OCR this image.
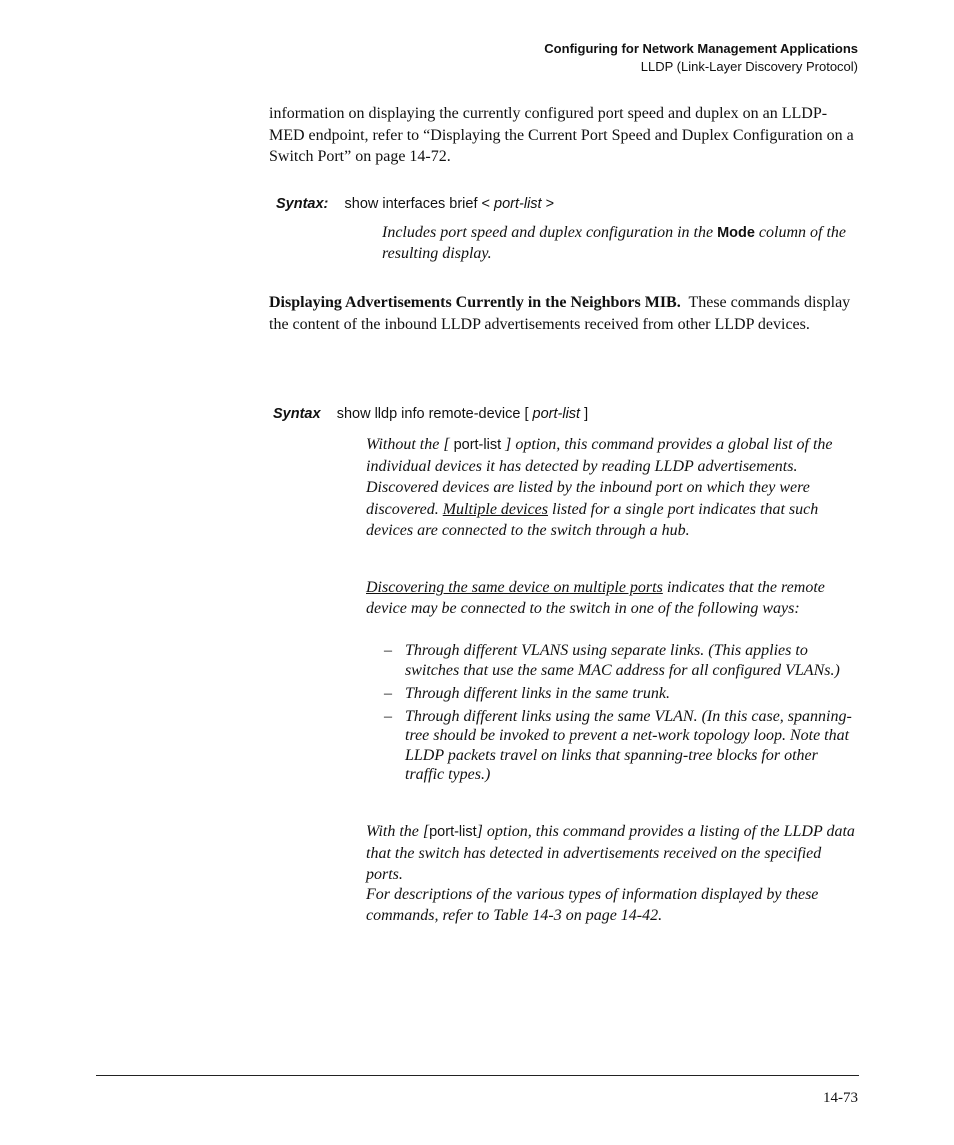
Configuring for Network Management Applications
LLDP (Link-Layer Discovery Protocol)

information on displaying the currently configured port speed and duplex on an LLDP-MED endpoint, refer to “Displaying the Current Port Speed and Duplex Configuration on a Switch Port” on page 14-72.

Syntax: show interfaces brief < port-list >
Includes port speed and duplex configuration in the Mode column of the resulting display.

Displaying Advertisements Currently in the Neighbors MIB. These commands display the content of the inbound LLDP advertisements received from other LLDP devices.

Syntax show lldp info remote-device [ port-list ]
Without the [ port-list ] option, this command provides a global list of the individual devices it has detected by reading LLDP advertisements. Discovered devices are listed by the inbound port on which they were discovered. Multiple devices listed for a single port indicates that such devices are connected to the switch through a hub.
Discovering the same device on multiple ports indicates that the remote device may be connected to the switch in one of the following ways:
– Through different VLANS using separate links. (This applies to switches that use the same MAC address for all configured VLANs.)
– Through different links in the same trunk.
– Through different links using the same VLAN. (In this case, spanning-tree should be invoked to prevent a net-work topology loop. Note that LLDP packets travel on links that spanning-tree blocks for other traffic types.)
With the [port-list] option, this command provides a listing of the LLDP data that the switch has detected in advertisements received on the specified ports.
For descriptions of the various types of information displayed by these commands, refer to Table 14-3 on page 14-42.
14-73
